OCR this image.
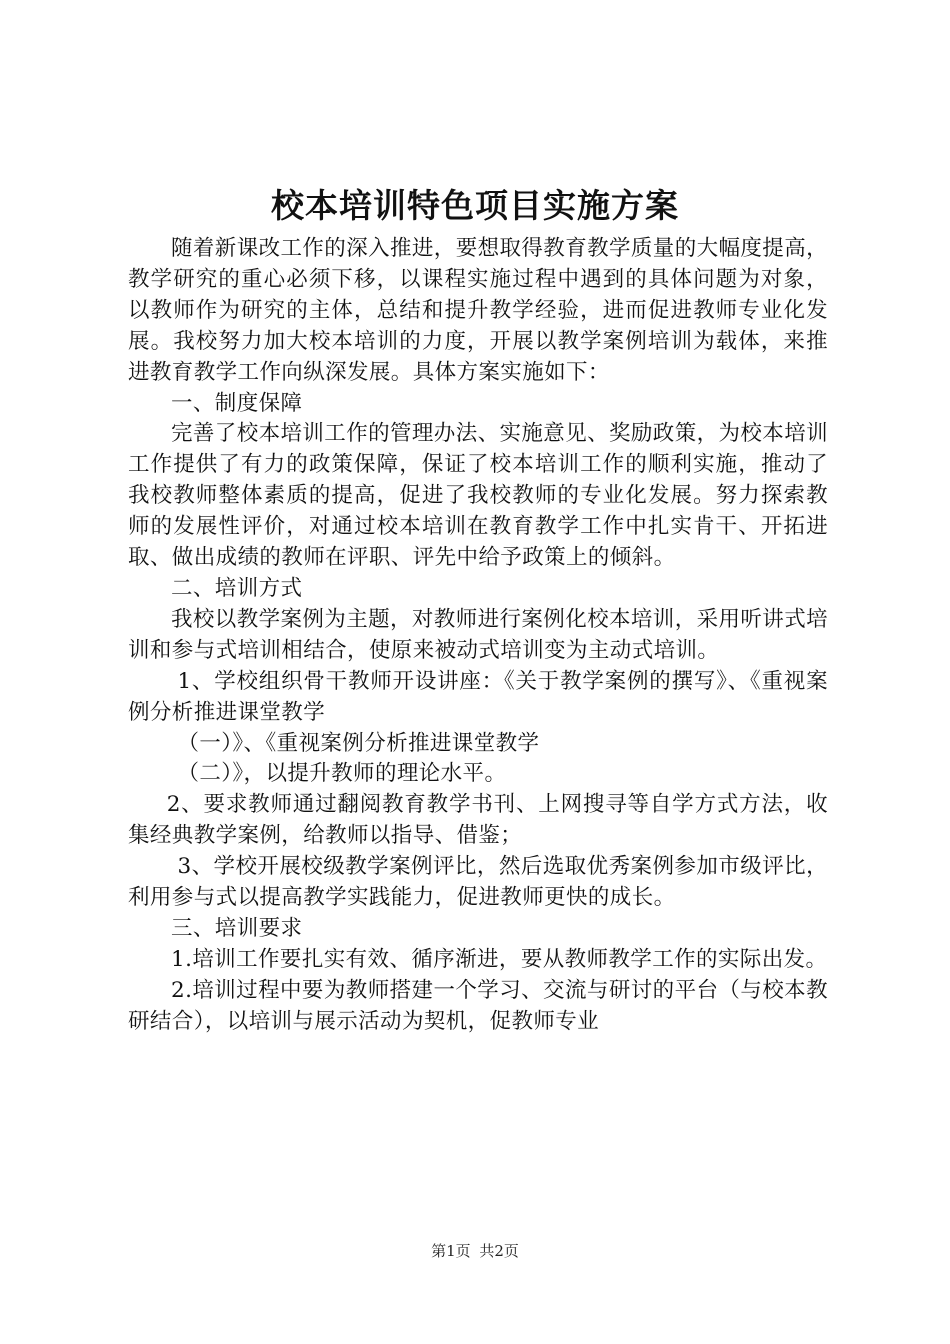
校本培训特色项目实施方案

随着新课改工作的深入推进，要想取得教育教学质量的大幅度提高，教学研究的重心必须下移，以课程实施过程中遇到的具体问题为对象，以教师作为研究的主体，总结和提升教学经验，进而促进教师专业化发展。我校努力加大校本培训的力度，开展以教学案例培训为载体，来推进教育教学工作向纵深发展。具体方案实施如下：

一、制度保障

完善了校本培训工作的管理办法、实施意见、奖励政策，为校本培训工作提供了有力的政策保障，保证了校本培训工作的顺利实施，推动了我校教师整体素质的提高，促进了我校教师的专业化发展。努力探索教师的发展性评价，对通过校本培训在教育教学工作中扎实肯干、开拓进取、做出成绩的教师在评职、评先中给予政策上的倾斜。

二、培训方式

我校以教学案例为主题，对教师进行案例化校本培训，采用听讲式培训和参与式培训相结合，使原来被动式培训变为主动式培训。

1、学校组织骨干教师开设讲座：《关于教学案例的撰写》、《重视案例分析推进课堂教学

（一）》、《重视案例分析推进课堂教学

（二）》，以提升教师的理论水平。

2、要求教师通过翻阅教育教学书刊、上网搜寻等自学方式方法，收集经典教学案例，给教师以指导、借鉴；

3、学校开展校级教学案例评比，然后选取优秀案例参加市级评比，利用参与式以提高教学实践能力，促进教师更快的成长。

三、培训要求

1.培训工作要扎实有效、循序渐进，要从教师教学工作的实际出发。

2.培训过程中要为教师搭建一个学习、交流与研讨的平台（与校本教研结合），以培训与展示活动为契机，促教师专业

第1页 共2页
